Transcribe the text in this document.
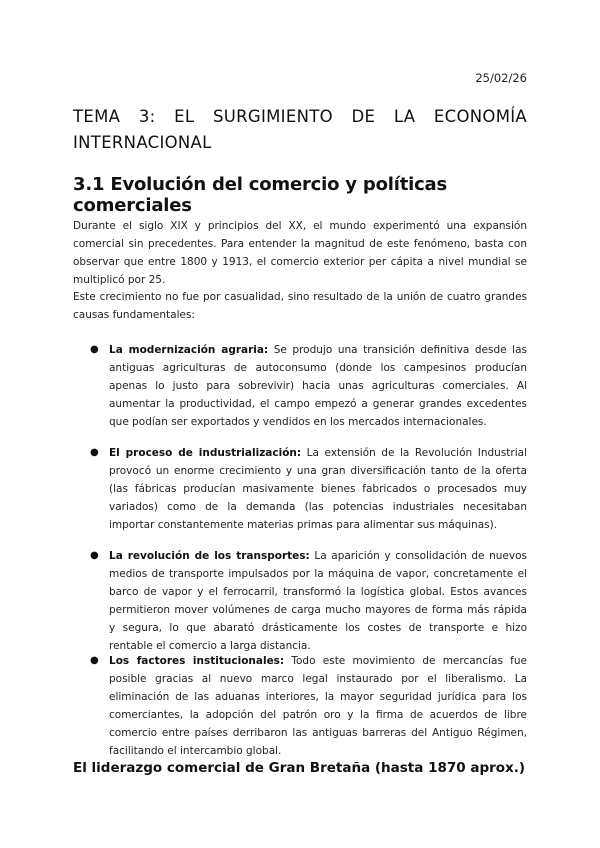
25/02/26
TEMA 3: EL SURGIMIENTO DE LA ECONOMÍA INTERNACIONAL
3.1 Evolución del comercio y políticas comerciales

Durante el siglo XIX y principios del XX, el mundo experimentó una expansión comercial sin precedentes. Para entender la magnitud de este fenómeno, basta con observar que entre 1800 y 1913, el comercio exterior per cápita a nivel mundial se multiplicó por 25.

Este crecimiento no fue por casualidad, sino resultado de la unión de cuatro grandes causas fundamentales:

● La modernización agraria: Se produjo una transición definitiva desde las antiguas agriculturas de autoconsumo (donde los campesinos producían apenas lo justo para sobrevivir) hacia unas agriculturas comerciales. Al aumentar la productividad, el campo empezó a generar grandes excedentes que podían ser exportados y vendidos en los mercados internacionales.
● El proceso de industrialización: La extensión de la Revolución Industrial provocó un enorme crecimiento y una gran diversificación tanto de la oferta (las fábricas producían masivamente bienes fabricados o procesados muy variados) como de la demanda (las potencias industriales necesitaban importar constantemente materias primas para alimentar sus máquinas).
● La revolución de los transportes: La aparición y consolidación de nuevos medios de transporte impulsados por la máquina de vapor, concretamente el barco de vapor y el ferrocarril, transformó la logística global. Estos avances permitieron mover volúmenes de carga mucho mayores de forma más rápida y segura, lo que abarató drásticamente los costes de transporte e hizo rentable el comercio a larga distancia.
● Los factores institucionales: Todo este movimiento de mercancías fue posible gracias al nuevo marco legal instaurado por el liberalismo. La eliminación de las aduanas interiores, la mayor seguridad jurídica para los comerciantes, la adopción del patrón oro y la firma de acuerdos de libre comercio entre países derribaron las antiguas barreras del Antiguo Régimen, facilitando el intercambio global.
El liderazgo comercial de Gran Bretaña (hasta 1870 aprox.)
